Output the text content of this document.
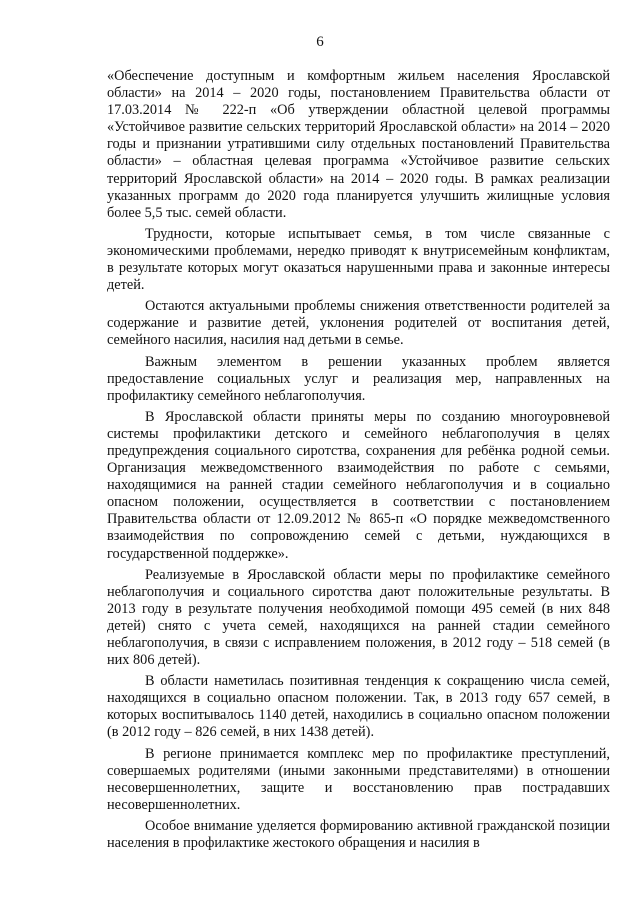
6

«Обеспечение доступным и комфортным жильем населения Ярославской области» на 2014 – 2020 годы, постановлением Правительства области от 17.03.2014 № 222-п «Об утверждении областной целевой программы «Устойчивое развитие сельских территорий Ярославской области» на 2014 – 2020 годы и признании утратившими силу отдельных постановлений Правительства области» – областная целевая программа «Устойчивое развитие сельских территорий Ярославской области» на 2014 – 2020 годы. В рамках реализации указанных программ до 2020 года планируется улучшить жилищные условия более 5,5 тыс. семей области.

Трудности, которые испытывает семья, в том числе связанные с экономическими проблемами, нередко приводят к внутрисемейным конфликтам, в результате которых могут оказаться нарушенными права и законные интересы детей.

Остаются актуальными проблемы снижения ответственности родителей за содержание и развитие детей, уклонения родителей от воспитания детей, семейного насилия, насилия над детьми в семье.

Важным элементом в решении указанных проблем является предоставление социальных услуг и реализация мер, направленных на профилактику семейного неблагополучия.

В Ярославской области приняты меры по созданию многоуровневой системы профилактики детского и семейного неблагополучия в целях предупреждения социального сиротства, сохранения для ребёнка родной семьи. Организация межведомственного взаимодействия по работе с семьями, находящимися на ранней стадии семейного неблагополучия и в социально опасном положении, осуществляется в соответствии с постановлением Правительства области от 12.09.2012 № 865-п «О порядке межведомственного взаимодействия по сопровождению семей с детьми, нуждающихся в государственной поддержке».

Реализуемые в Ярославской области меры по профилактике семейного неблагополучия и социального сиротства дают положительные результаты. В 2013 году в результате получения необходимой помощи 495 семей (в них 848 детей) снято с учета семей, находящихся на ранней стадии семейного неблагополучия, в связи с исправлением положения, в 2012 году – 518 семей (в них 806 детей).

В области наметилась позитивная тенденция к сокращению числа семей, находящихся в социально опасном положении. Так, в 2013 году 657 семей, в которых воспитывалось 1140 детей, находились в социально опасном положении (в 2012 году – 826 семей, в них 1438 детей).

В регионе принимается комплекс мер по профилактике преступлений, совершаемых родителями (иными законными представителями) в отношении несовершеннолетних, защите и восстановлению прав пострадавших несовершеннолетних.

Особое внимание уделяется формированию активной гражданской позиции населения в профилактике жестокого обращения и насилия в
